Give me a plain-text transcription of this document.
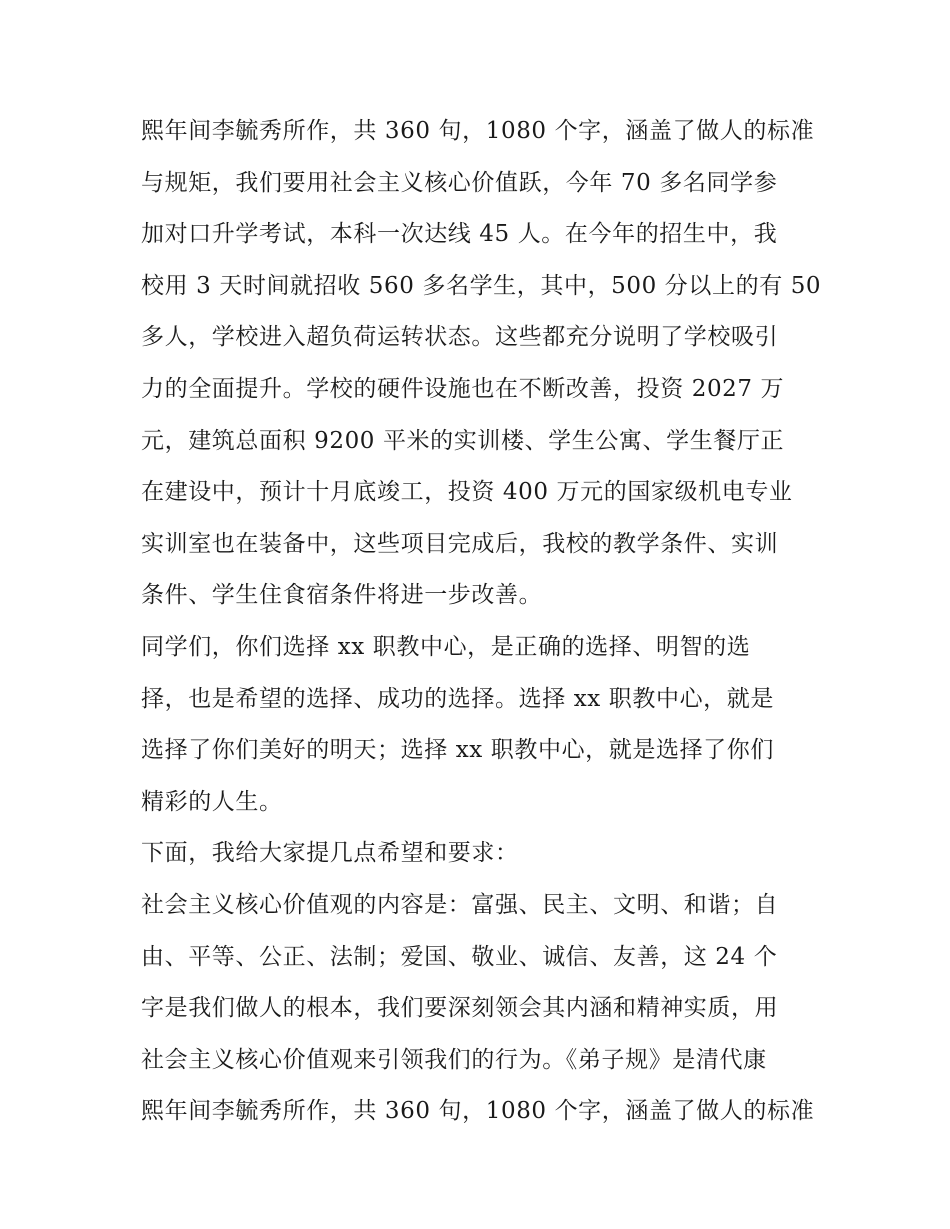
熙年间李毓秀所作，共 360 句，1080 个字，涵盖了做人的标准
与规矩，我们要用社会主义核心价值跃，今年 70 多名同学参
加对口升学考试，本科一次达线 45 人。在今年的招生中，我
校用 3 天时间就招收 560 多名学生，其中，500 分以上的有 50
多人，学校进入超负荷运转状态。这些都充分说明了学校吸引
力的全面提升。学校的硬件设施也在不断改善，投资 2027 万
元，建筑总面积 9200 平米的实训楼、学生公寓、学生餐厅正
在建设中，预计十月底竣工，投资 400 万元的国家级机电专业
实训室也在装备中，这些项目完成后，我校的教学条件、实训
条件、学生住食宿条件将进一步改善。
同学们，你们选择 xx 职教中心，是正确的选择、明智的选
择，也是希望的选择、成功的选择。选择 xx 职教中心，就是
选择了你们美好的明天；选择 xx 职教中心，就是选择了你们
精彩的人生。
下面，我给大家提几点希望和要求：
社会主义核心价值观的内容是：富强、民主、文明、和谐；自
由、平等、公正、法制；爱国、敬业、诚信、友善，这 24 个
字是我们做人的根本，我们要深刻领会其内涵和精神实质，用
社会主义核心价值观来引领我们的行为。《弟子规》是清代康
熙年间李毓秀所作，共 360 句，1080 个字，涵盖了做人的标准
